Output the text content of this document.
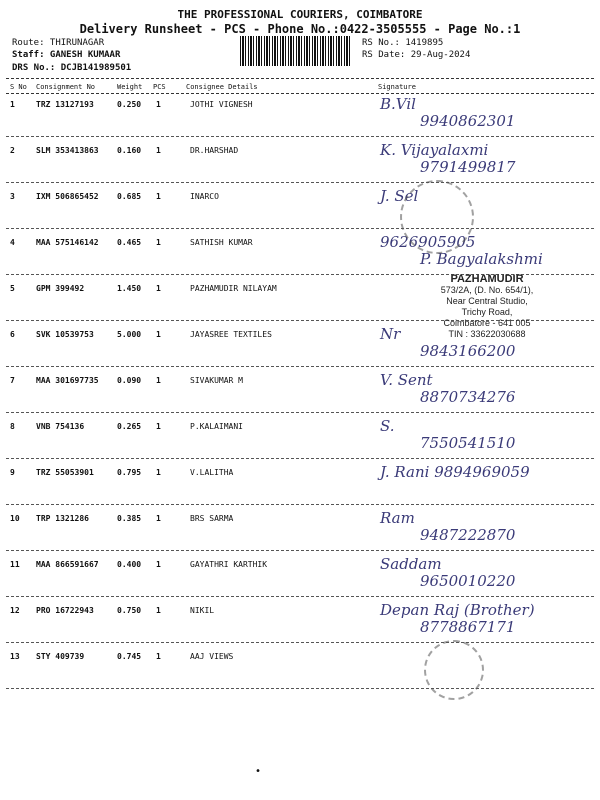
THE PROFESSIONAL COURIERS, COIMBATORE
Delivery Runsheet - PCS - Phone No.:0422-3505555 - Page No.:1
Route: THIRUNAGAR
Staff: GANESH KUMAAR
DRS No.: DCJB141989501
RS No.: 1419895
RS Date: 29-Aug-2024
S No Consignment No	Weight PCS	Consignee Details	Signature
1	TRZ 13127193	0.250 1	JOTHI VIGNESH	B.Vil
9940862301
2	SLM 353413863 0.160 1	DR.HARSHAD	K. Vijayalaxmi
9791499817
3	IXM 506865452 0.685 1	INARCO	J. Sel
4	MAA 575146142 0.465 1	SATHISH KUMAR	9626905905
P. Bagyalakshmi
5	GPM 399492	1.450 1	PAZHAMUDIR NILAYAM
6	SVK 10539753	5.000 1	JAYASREE TEXTILES	Nr
9843166200
7	MAA 301697735 0.090 1	SIVAKUMAR M	V. Sent
8870734276
8	VNB 754136	0.265 1	P.KALAIMANI	S.
7550541510
9	TRZ 55053901	0.795 1	V.LALITHA	J. Rani 9894969059
10 TRP 1321286	0.385 1	BRS SARMA	Ram
9487222870
11 MAA 866591667 0.400 1	GAYATHRI KARTHIK	Saddam
9650010220
12 PRO 16722943	0.750 1	NIKIL	Depan Raj (Brother)
8778867171
13 STY 409739	0.745 1	AAJ VIEWS
PAZHAMUDIR
573/2A, (D. No. 654/1),
Near Central Studio,
Trichy Road,
Coimbatore - 641 005
TIN : 33622030688
•
